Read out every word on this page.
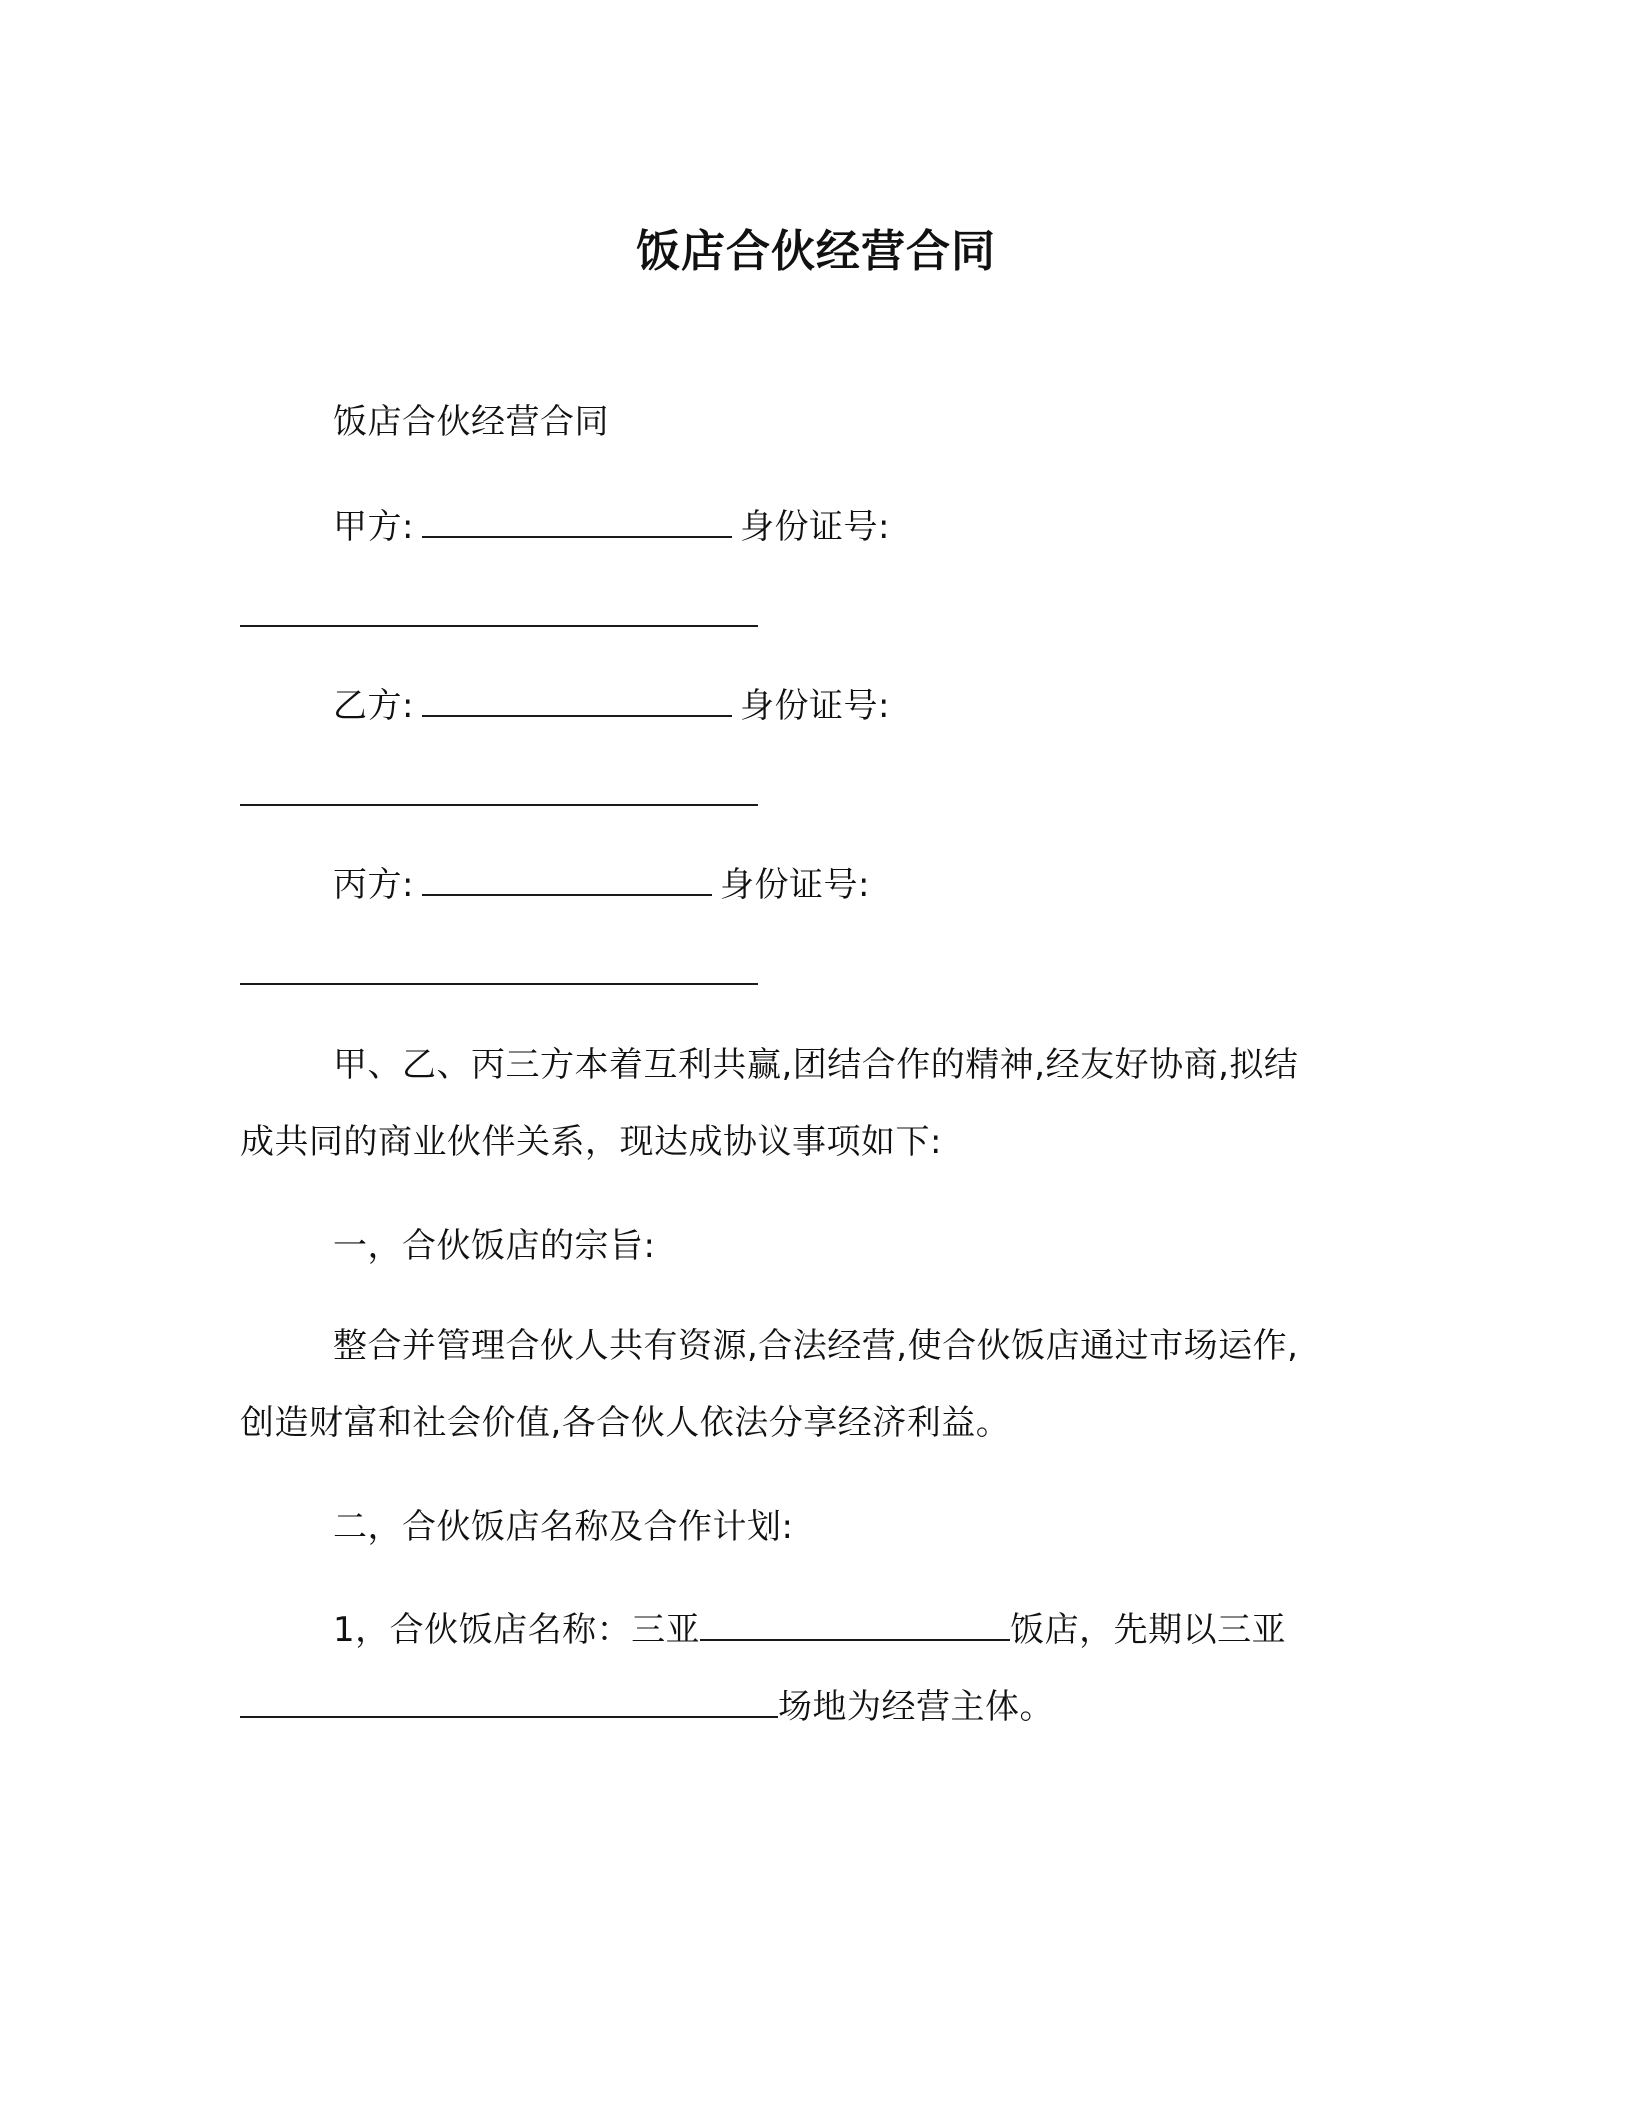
饭店合伙经营合同
饭店合伙经营合同
甲方:	身份证号:
乙方:	身份证号:
丙方:	身份证号:
甲、乙、丙三方本着互利共赢,团结合作的精神,经友好协商,拟结
成共同的商业伙伴关系，现达成协议事项如下:
一，合伙饭店的宗旨:
整合并管理合伙人共有资源,合法经营,使合伙饭店通过市场运作,
创造财富和社会价值,各合伙人依法分享经济利益。
二，合伙饭店名称及合作计划:
1，合伙饭店名称：三亚	饭店，先期以三亚
场地为经营主体。
